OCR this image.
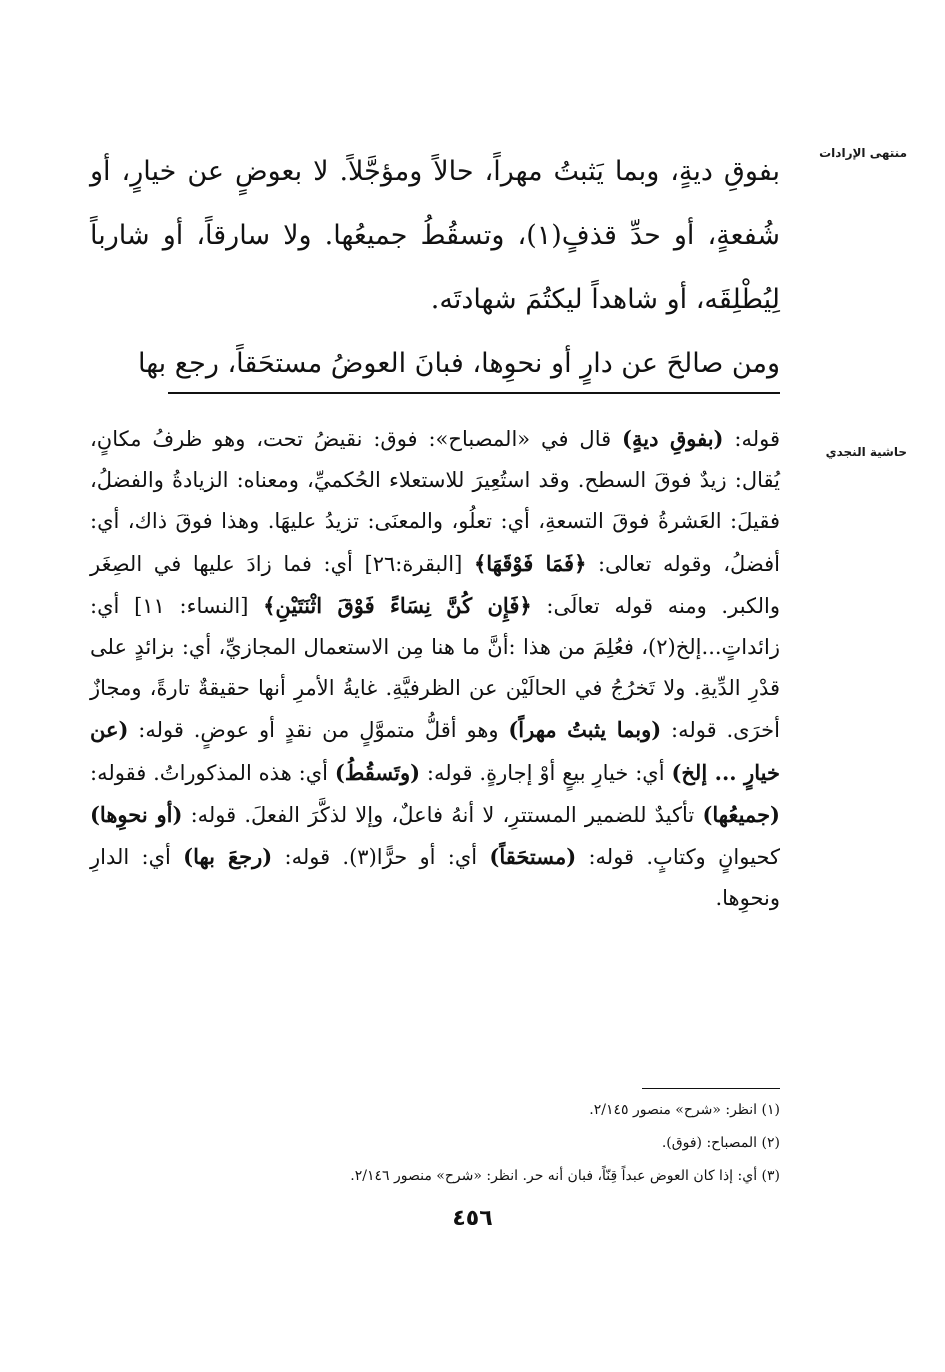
منتهى الإرادات
حاشية النجدي

بفوقِ ديةٍ، وبما يَثبتُ مهراً، حالاً ومؤجَّلاً. لا بعوضٍ عن خيارٍ، أو شُفعةٍ، أو حدِّ قذفٍ(١)، وتسقُطُ جميعُها. ولا سارقاً، أو شارباً لِيُطْلِقَه، أو شاهداً ليكتُمَ شهادتَه.

ومن صالحَ عن دارٍ أو نحوِها، فبانَ العوضُ مستحَقاً، رجع بها

قوله: (بفوقِ ديةٍ) قال في «المصباح»: فوق: نقيضُ تحت، وهو ظرفُ مكانٍ، يُقال: زيدٌ فوقَ السطح. وقد استُعِيرَ للاستعلاء الحُكميِّ، ومعناه: الزيادةُ والفضلُ، فقيلَ: العَشرةُ فوقَ التسعةِ، أي: تعلُو، والمعنَى: تزيدُ عليهَا. وهذا فوقَ ذاك، أي: أفضلُ، وقوله تعالى: ﴿فَمَا فَوْقَهَا﴾ [البقرة:٢٦] أي: فما زادَ عليها في الصِغَر والكبر. ومنه قوله تعالَى: ﴿فَإِن كُنَّ نِسَاءً فَوْقَ اثْنَتَيْنِ﴾ [النساء: ١١] أي: زائداتٍ...إلخ(٢)، فعُلِمَ من هذا :أنَّ ما هنا مِن الاستعمال المجازيِّ، أي: بزائدٍ على قدْرِ الدِّيةِ. ولا تَخرُجُ في الحالَيْن عن الظرفيَّةِ. غايةُ الأمرِ أنها حقيقةٌ تارةً، ومجازٌ أخرَى. قوله: (وبما يثبتُ مهراً) وهو أقلُّ متموَّلٍ من نقدٍ أو عوضٍ. قوله: (عن خيارٍ ... إلخ) أي: خيارِ بيعٍ أوْ إجارةٍ. قوله: (وتَسقُطُ) أي: هذه المذكوراتُ. فقوله: (جميعُها) تأكيدٌ للضمير المستترِ، لا أنهُ فاعلٌ، وإلا لذكَّرَ الفعلَ. قوله: (أو نحوِها) كحيوانٍ وكتابٍ. قوله: (مستحَقاً) أي: أو حرًّا(٣). قوله: (رجعَ بها) أي: الدارِ ونحوِها.

(١) انظر: «شرح» منصور ٢/١٤٥.

(٢) المصباح: (فوق).

(٣) أي: إذا كان العوض عبداً قِنّاً، فبان أنه حر. انظر: «شرح» منصور ٢/١٤٦.

٤٥٦
